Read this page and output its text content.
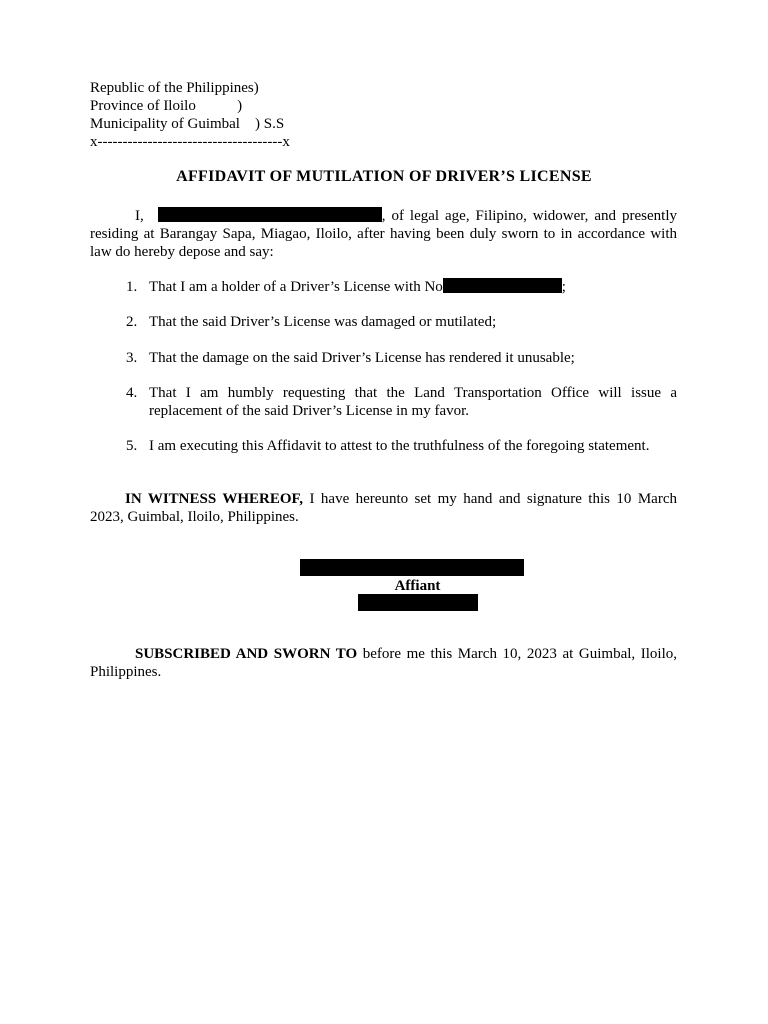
Republic of the Philippines)
Province of Iloilo           )
Municipality of Guimbal    ) S.S
x-------------------------------------x
AFFIDAVIT OF MUTILATION OF DRIVER’S LICENSE
I,	, of legal age, Filipino, widower, and presently residing at Barangay Sapa, Miagao, Iloilo, after having been duly sworn to in accordance with law do hereby depose and say:
1. That I am a holder of a Driver’s License with No	;
2. That the said Driver’s License was damaged or mutilated;
3. That the damage on the said Driver’s License has rendered it unusable;
4. That I am humbly requesting that the Land Transportation Office will issue a replacement of the said Driver’s License in my favor.
5. I am executing this Affidavit to attest to the truthfulness of the foregoing statement.
IN WITNESS WHEREOF, I have hereunto set my hand and signature this 10 March 2023, Guimbal, Iloilo, Philippines.
Affiant
SUBSCRIBED AND SWORN TO before me this March 10, 2023 at Guimbal, Iloilo, Philippines.
